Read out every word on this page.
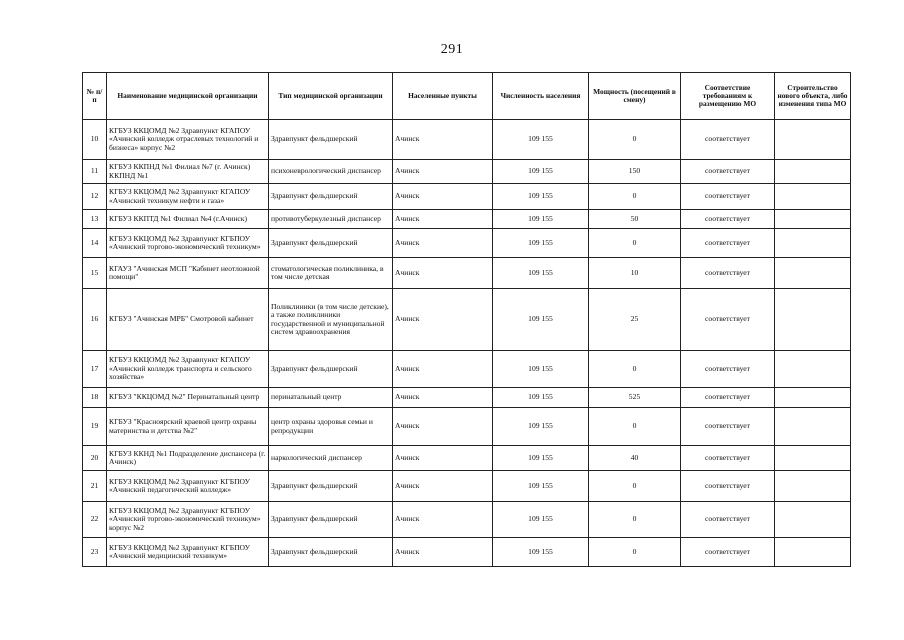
291
№ п/п	Наименование медицинской организации	Тип медицинской организации	Населенные пункты	Численность населения	Мощность (посещений в смену)	Соответствие требованиям к размещению МО	Строительство нового объекта, либо изменения типа МО
10	КГБУЗ ККЦОМД №2 Здравпункт КГАПОУ «Ачинский колледж отраслевых технологий и бизнеса» корпус №2	Здравпункт фельдшерский	Ачинск	109 155	0	соответствует	
11	КГБУЗ ККПНД №1 Филиал №7 (г. Ачинск) ККПНД №1	психоневрологический диспансер	Ачинск	109 155	150	соответствует	
12	КГБУЗ ККЦОМД №2 Здравпункт КГАПОУ «Ачинский техникум нефти и газа»	Здравпункт фельдшерский	Ачинск	109 155	0	соответствует	
13	КГБУЗ ККПТД №1 Филиал №4 (г.Ачинск)	противотуберкулезный диспансер	Ачинск	109 155	50	соответствует	
14	КГБУЗ ККЦОМД №2 Здравпункт КГБПОУ «Ачинский торгово-экономический техникум»	Здравпункт фельдшерский	Ачинск	109 155	0	соответствует	
15	КГАУЗ "Ачинская МСП "Кабинет неотложной помощи"	стоматологическая поликлиника, в том числе детская	Ачинск	109 155	10	соответствует	
16	КГБУЗ "Ачинская МРБ" Смотровой кабинет	Поликлиники (в том числе детские), а также поликлиники государственной и муниципальной систем здравоохранения	Ачинск	109 155	25	соответствует	
17	КГБУЗ ККЦОМД №2 Здравпункт КГАПОУ «Ачинский колледж транспорта и сельского хозяйства»	Здравпункт фельдшерский	Ачинск	109 155	0	соответствует	
18	КГБУЗ "ККЦОМД №2" Перинатальный центр	перинатальный центр	Ачинск	109 155	525	соответствует	
19	КГБУЗ "Красноярский краевой центр охраны материнства и детства №2"	центр охраны здоровья семьи и репродукции	Ачинск	109 155	0	соответствует	
20	КГБУЗ ККНД №1 Подразделение диспансера (г. Ачинск)	наркологический диспансер	Ачинск	109 155	40	соответствует	
21	КГБУЗ ККЦОМД №2 Здравпункт КГБПОУ «Ачинский педагогический колледж»	Здравпункт фельдшерский	Ачинск	109 155	0	соответствует	
22	КГБУЗ ККЦОМД №2 Здравпункт КГБПОУ «Ачинский торгово-экономический техникум» корпус №2	Здравпункт фельдшерский	Ачинск	109 155	0	соответствует	
23	КГБУЗ ККЦОМД №2 Здравпункт КГБПОУ «Ачинский медицинский техникум»	Здравпункт фельдшерский	Ачинск	109 155	0	соответствует	
